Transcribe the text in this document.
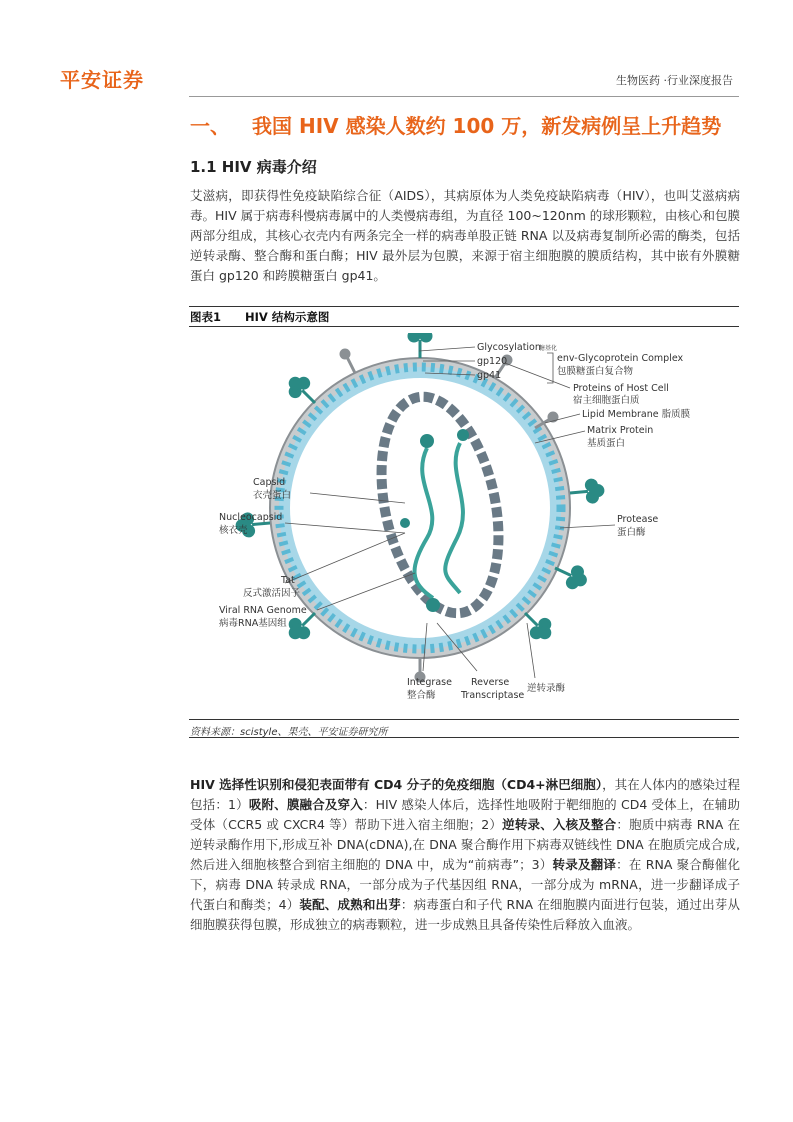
平安证券	生物医药 ·行业深度报告
一、 我国 HIV 感染人数约 100 万，新发病例呈上升趋势
1.1 HIV 病毒介绍

艾滋病，即获得性免疫缺陷综合征（AIDS），其病原体为人类免疫缺陷病毒（HIV），也叫艾滋病病毒。HIV 属于病毒科慢病毒属中的人类慢病毒组，为直径 100~120nm 的球形颗粒，由核心和包膜两部分组成，其核心衣壳内有两条完全一样的病毒单股正链 RNA 以及病毒复制所必需的酶类，包括逆转录酶、整合酶和蛋白酶；HIV 最外层为包膜，来源于宿主细胞膜的膜质结构，其中嵌有外膜糖蛋白 gp120 和跨膜糖蛋白 gp41。

图表1 HIV 结构示意图
Glycosylation
糖基化
gp120
gp41
env-Glycoprotein Complex
包膜糖蛋白复合物
Proteins of Host Cell
宿主细胞蛋白质
Lipid Membrane 脂质膜
Matrix Protein
基质蛋白
Capsid
衣壳蛋白
Nucleocapsid
核衣壳
Protease
蛋白酶
Tat
反式激活因子
Viral RNA Genome
病毒RNA基因组
Integrase
整合酶
Reverse
Transcriptase
逆转录酶
资料来源：scistyle、果壳、平安证券研究所

HIV 选择性识别和侵犯表面带有 CD4 分子的免疫细胞（CD4+淋巴细胞），其在人体内的感染过程包括：1）吸附、膜融合及穿入：HIV 感染人体后，选择性地吸附于靶细胞的 CD4 受体上，在辅助受体（CCR5 或 CXCR4 等）帮助下进入宿主细胞；2）逆转录、入核及整合：胞质中病毒 RNA 在逆转录酶作用下,形成互补 DNA(cDNA),在 DNA 聚合酶作用下病毒双链线性 DNA 在胞质完成合成,然后进入细胞核整合到宿主细胞的 DNA 中，成为“前病毒”；3）转录及翻译：在 RNA 聚合酶催化下，病毒 DNA 转录成 RNA，一部分成为子代基因组 RNA，一部分成为 mRNA，进一步翻译成子代蛋白和酶类；4）装配、成熟和出芽：病毒蛋白和子代 RNA 在细胞膜内面进行包装，通过出芽从细胞膜获得包膜，形成独立的病毒颗粒，进一步成熟且具备传染性后释放入血液。
